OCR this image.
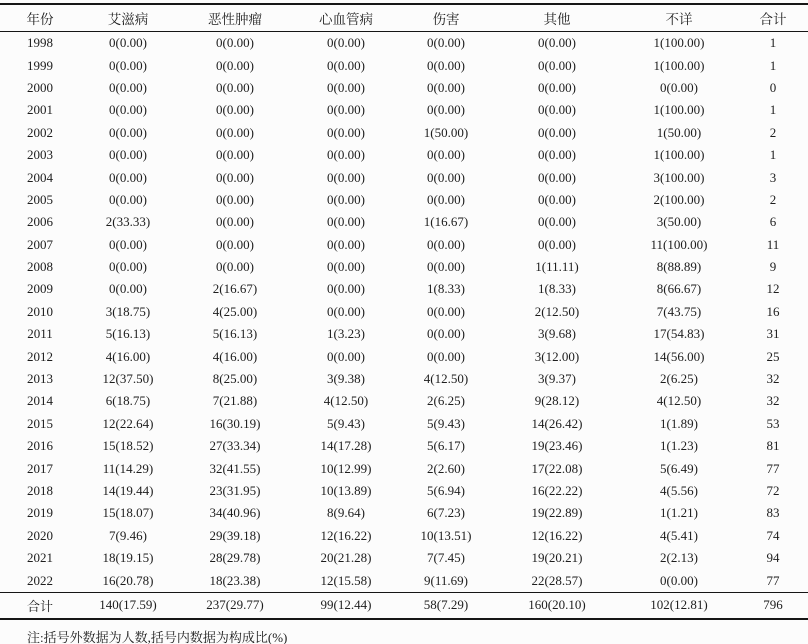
年份	艾滋病	恶性肿瘤	心血管病	伤害	其他	不详	合计
1998	0(0.00)	0(0.00)	0(0.00)	0(0.00)	0(0.00)	1(100.00)	1
1999	0(0.00)	0(0.00)	0(0.00)	0(0.00)	0(0.00)	1(100.00)	1
2000	0(0.00)	0(0.00)	0(0.00)	0(0.00)	0(0.00)	0(0.00)	0
2001	0(0.00)	0(0.00)	0(0.00)	0(0.00)	0(0.00)	1(100.00)	1
2002	0(0.00)	0(0.00)	0(0.00)	1(50.00)	0(0.00)	1(50.00)	2
2003	0(0.00)	0(0.00)	0(0.00)	0(0.00)	0(0.00)	1(100.00)	1
2004	0(0.00)	0(0.00)	0(0.00)	0(0.00)	0(0.00)	3(100.00)	3
2005	0(0.00)	0(0.00)	0(0.00)	0(0.00)	0(0.00)	2(100.00)	2
2006	2(33.33)	0(0.00)	0(0.00)	1(16.67)	0(0.00)	3(50.00)	6
2007	0(0.00)	0(0.00)	0(0.00)	0(0.00)	0(0.00)	11(100.00)	11
2008	0(0.00)	0(0.00)	0(0.00)	0(0.00)	1(11.11)	8(88.89)	9
2009	0(0.00)	2(16.67)	0(0.00)	1(8.33)	1(8.33)	8(66.67)	12
2010	3(18.75)	4(25.00)	0(0.00)	0(0.00)	2(12.50)	7(43.75)	16
2011	5(16.13)	5(16.13)	1(3.23)	0(0.00)	3(9.68)	17(54.83)	31
2012	4(16.00)	4(16.00)	0(0.00)	0(0.00)	3(12.00)	14(56.00)	25
2013	12(37.50)	8(25.00)	3(9.38)	4(12.50)	3(9.37)	2(6.25)	32
2014	6(18.75)	7(21.88)	4(12.50)	2(6.25)	9(28.12)	4(12.50)	32
2015	12(22.64)	16(30.19)	5(9.43)	5(9.43)	14(26.42)	1(1.89)	53
2016	15(18.52)	27(33.34)	14(17.28)	5(6.17)	19(23.46)	1(1.23)	81
2017	11(14.29)	32(41.55)	10(12.99)	2(2.60)	17(22.08)	5(6.49)	77
2018	14(19.44)	23(31.95)	10(13.89)	5(6.94)	16(22.22)	4(5.56)	72
2019	15(18.07)	34(40.96)	8(9.64)	6(7.23)	19(22.89)	1(1.21)	83
2020	7(9.46)	29(39.18)	12(16.22)	10(13.51)	12(16.22)	4(5.41)	74
2021	18(19.15)	28(29.78)	20(21.28)	7(7.45)	19(20.21)	2(2.13)	94
2022	16(20.78)	18(23.38)	12(15.58)	9(11.69)	22(28.57)	0(0.00)	77
合计	140(17.59)	237(29.77)	99(12.44)	58(7.29)	160(20.10)	102(12.81)	796
注:括号外数据为人数,括号内数据为构成比(%)
